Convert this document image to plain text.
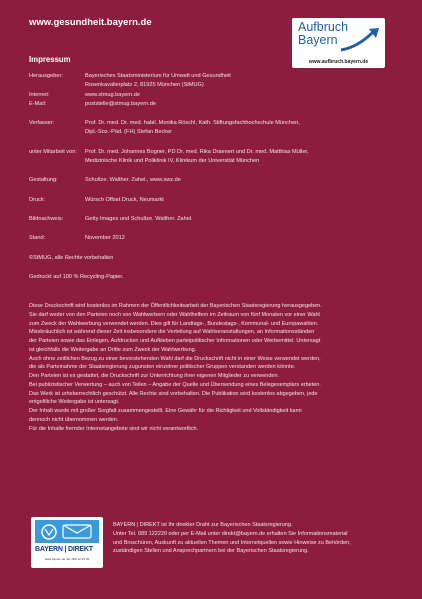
www.gesundheit.bayern.de	Aufbruch
Bayern
www.aufbruch.bayern.de
Impressum
Herausgeber:	Bayerisches Staatsministerium für Umwelt und Gesundheit
Rosenkavalierplatz 2, 81925 München (StMUG)
Internet:	www.stmug.bayern.de
E-Mail:	poststelle@stmug.bayern.de
Verfasser:	Prof. Dr. med. Dr. med. habil. Monika Röschl, Kath. Stiftungsfachhochschule München,
Dipl.-Soz.-Päd. (FH) Stefan Becker
unter Mitarbeit von:	Prof. Dr. med. Johannes Bogner, PD Dr. med. Rika Draenert und Dr. med. Matthias Müller,
Medizinische Klinik und Poliklinik IV, Klinikum der Universität München
Gestaltung:	Schultze. Walther. Zahel., www.swz.de
Druck:	Würsch Offset Druck, Neumarkt
Bildnachweis:	Getty Images und Schultze. Walther. Zahel.
Stand:	November 2012
©StMUG, alle Rechte vorbehalten
Gedruckt auf 100 % Recycling-Papier.

Diese Druckschrift wird kostenlos im Rahmen der Öffentlichkeitsarbeit der Bayerischen Staatsregierung herausgegeben.

Sie darf weder von den Parteien noch von Wahlwerbern oder Wahlhelfern im Zeitraum von fünf Monaten vor einer Wahl

zum Zweck der Wahlwerbung verwendet werden. Dies gilt für Landtags-, Bundestags-, Kommunal- und Europawahlen.

Missbräuchlich ist während dieser Zeit insbesondere die Verteilung auf Wahlveranstaltungen, an Informationsständen

der Parteien sowie das Einlegen, Aufdrucken und Aufkleben parteipolitischer Informationen oder Werbemittel. Untersagt

ist gleichfalls die Weitergabe an Dritte zum Zweck der Wahlwerbung.

Auch ohne zeitlichen Bezug zu einer bevorstehenden Wahl darf die Druckschrift nicht in einer Weise verwendet werden,

die als Parteinahme der Staatsregierung zugunsten einzelner politischer Gruppen verstanden werden könnte.

Den Parteien ist es gestattet, die Druckschrift zur Unterrichtung ihrer eigenen Mitglieder zu verwenden.

Bei publizistischer Verwertung – auch von Teilen – Angabe der Quelle und Übersendung eines Belegexemplars erbeten.

Das Werk ist urheberrechtlich geschützt. Alle Rechte sind vorbehalten. Die Publikation wird kostenlos abgegeben, jede

entgeltliche Weitergabe ist untersagt.

Der Inhalt wurde mit großer Sorgfalt zusammengestellt. Eine Gewähr für die Richtigkeit und Vollständigkeit kann

dennoch nicht übernommen werden.

Für die Inhalte fremder Internetangebote sind wir nicht verantwortlich.

BAYERN | DIREKT
www.bayern.de Tel. 089 12 22 20
BAYERN | DIREKT ist Ihr direkter Draht zur Bayerischen Staatsregierung.
Unter Tel. 089 122220 oder per E-Mail unter direkt@bayern.de erhalten Sie Informationsmaterial
und Broschüren, Auskunft zu aktuellen Themen und Internetquellen sowie Hinweise zu Behörden,
zuständigen Stellen und Ansprechpartnern bei der Bayerischen Staatsregierung.
